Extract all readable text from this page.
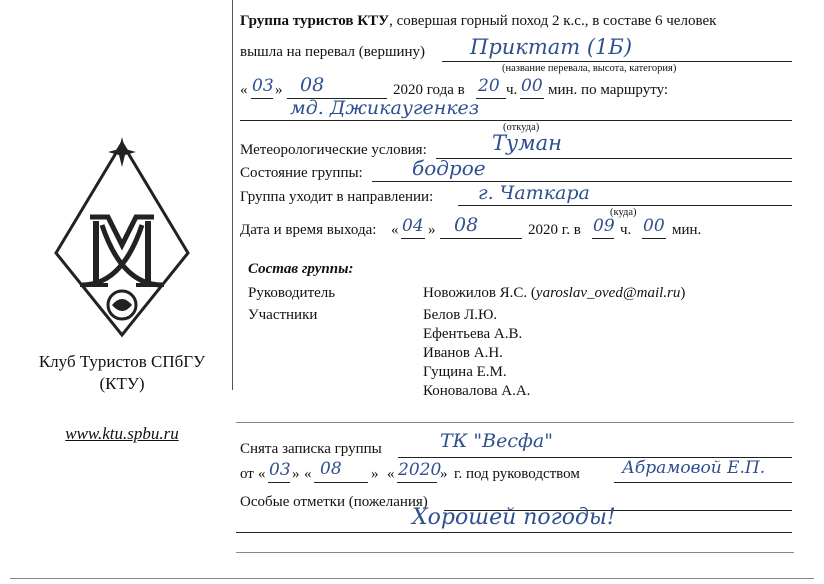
КТУ
Клуб Туристов СПбГУ
(КТУ)
www.ktu.spbu.ru
Группа туристов КТУ, совершая горный поход 2 к.с., в составе 6 человек
вышла на перевал (вершину) Приктат (1Б)
(название перевала, высота, категория)
« 03 » 08	2020 года в 20 ч. 00 мин. по маршруту:
мд. Джикаугенкез
(откуда)
Метеорологические условия:	Туман
Состояние группы: бодрое
Группа уходит в направлении: г. Чаткара
(куда)
Дата и время выхода: « 04 » 08	2020 г. в 09 ч. 00 мин.
Состав группы:
Руководитель	Новожилов Я.С. (yaroslav_oved@mail.ru)
Участники	Белов Л.Ю.
Ефентьева А.В.
Иванов А.Н.
Гущина Е.М.
Коновалова А.А.
Снята записка группы	ТК "Весфа"
от « 03 » « 08 » « 2020
» г. под руководством Абрамовой Е.П.
Особые отметки (пожелания)
Хорошей погоды!
